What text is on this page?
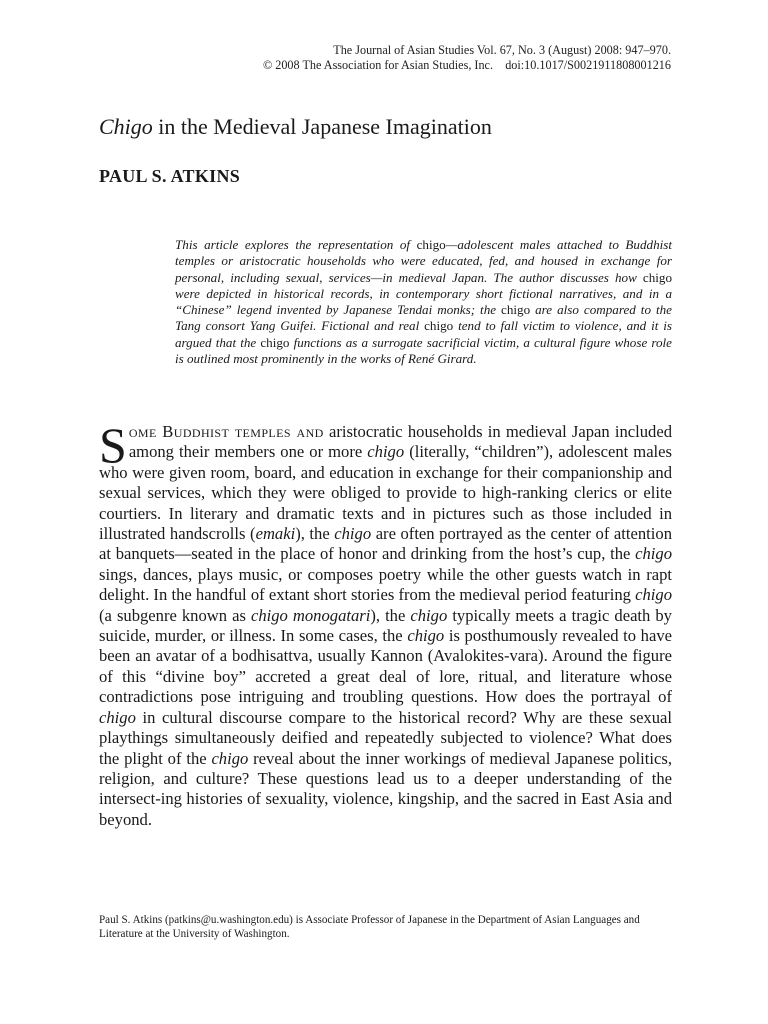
The Journal of Asian Studies Vol. 67, No. 3 (August) 2008: 947–970.
© 2008 The Association for Asian Studies, Inc.    doi:10.1017/S0021911808001216
Chigo in the Medieval Japanese Imagination
PAUL S. ATKINS

This article explores the representation of chigo—adolescent males attached to Buddhist temples or aristocratic households who were educated, fed, and housed in exchange for personal, including sexual, services—in medieval Japan. The author discusses how chigo were depicted in historical records, in contemporary short fictional narratives, and in a “Chinese” legend invented by Japanese Tendai monks; the chigo are also compared to the Tang consort Yang Guifei. Fictional and real chigo tend to fall victim to violence, and it is argued that the chigo functions as a surrogate sacrificial victim, a cultural figure whose role is outlined most prominently in the works of René Girard.

Some Buddhist temples and aristocratic households in medieval Japan included among their members one or more chigo (literally, “children”), adolescent males who were given room, board, and education in exchange for their companionship and sexual services, which they were obliged to provide to high-ranking clerics or elite courtiers. In literary and dramatic texts and in pictures such as those included in illustrated handscrolls (emaki), the chigo are often portrayed as the center of attention at banquets—seated in the place of honor and drinking from the host’s cup, the chigo sings, dances, plays music, or composes poetry while the other guests watch in rapt delight. In the handful of extant short stories from the medieval period featuring chigo (a subgenre known as chigo monogatari), the chigo typically meets a tragic death by suicide, murder, or illness. In some cases, the chigo is posthumously revealed to have been an avatar of a bodhisattva, usually Kannon (Avalokites-vara). Around the figure of this “divine boy” accreted a great deal of lore, ritual, and literature whose contradictions pose intriguing and troubling questions. How does the portrayal of chigo in cultural discourse compare to the historical record? Why are these sexual playthings simultaneously deified and repeatedly subjected to violence? What does the plight of the chigo reveal about the inner workings of medieval Japanese politics, religion, and culture? These questions lead us to a deeper understanding of the intersect-ing histories of sexuality, violence, kingship, and the sacred in East Asia and beyond.

Paul S. Atkins (patkins@u.washington.edu) is Associate Professor of Japanese in the Department of Asian Languages and Literature at the University of Washington.
